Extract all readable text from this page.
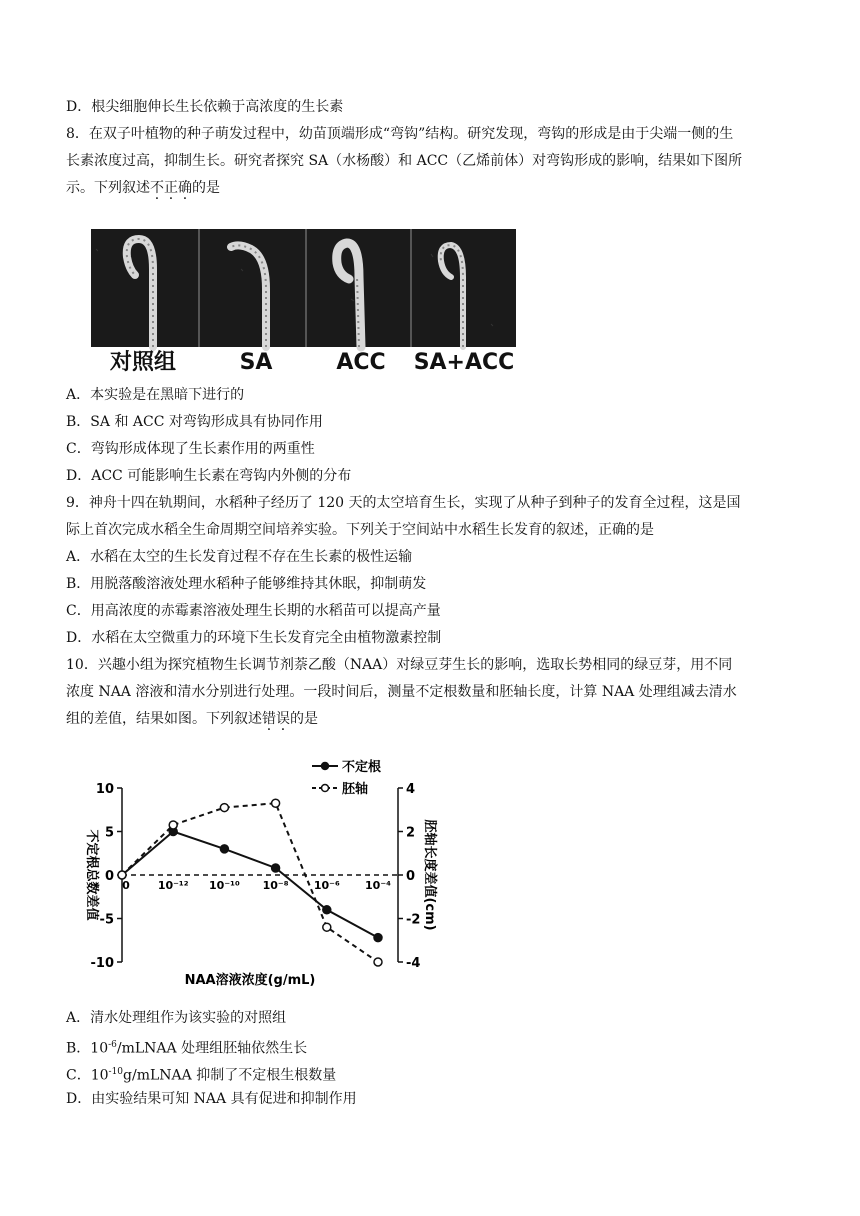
D．根尖细胞伸长生长依赖于高浓度的生长素
8．在双子叶植物的种子萌发过程中，幼苗顶端形成“弯钩”结构。研究发现，弯钩的形成是由于尖端一侧的生
长素浓度过高，抑制生长。研究者探究 SA（水杨酸）和 ACC（乙烯前体）对弯钩形成的影响，结果如下图所
示。下列叙述不正确的是
对照组	SA	ACC SA+ACC
A．本实验是在黑暗下进行的
B．SA 和 ACC 对弯钩形成具有协同作用
C．弯钩形成体现了生长素作用的两重性
D．ACC 可能影响生长素在弯钩内外侧的分布
9．神舟十四在轨期间，水稻种子经历了 120 天的太空培育生长，实现了从种子到种子的发育全过程，这是国
际上首次完成水稻全生命周期空间培养实验。下列关于空间站中水稻生长发育的叙述，正确的是
A．水稻在太空的生长发育过程不存在生长素的极性运输
B．用脱落酸溶液处理水稻种子能够维持其休眠，抑制萌发
C．用高浓度的赤霉素溶液处理生长期的水稻苗可以提高产量
D．水稻在太空微重力的环境下生长发育完全由植物激素控制
10．兴趣小组为探究植物生长调节剂萘乙酸（NAA）对绿豆芽生长的影响，选取长势相同的绿豆芽，用不同
浓度 NAA 溶液和清水分别进行处理。一段时间后，测量不定根数量和胚轴长度，计算 NAA 处理组减去清水
组的差值，结果如图。下列叙述错误的是
10
5
0
-5
-10
4
2
0
-2
-4
0	10⁻¹² 10⁻¹⁰ 10⁻⁸ 10⁻⁶ 10⁻⁴
NAA溶液浓度(g/mL)
不定根总数差值	胚轴长度差值(cm)
不定根
胚轴
A．清水处理组作为该实验的对照组
B．$10^{-6}$/mLNAA 处理组胚轴依然生长
C．$10^{-10}g$/mLNAA 抑制了不定根生根数量
D．由实验结果可知 NAA 具有促进和抑制作用
